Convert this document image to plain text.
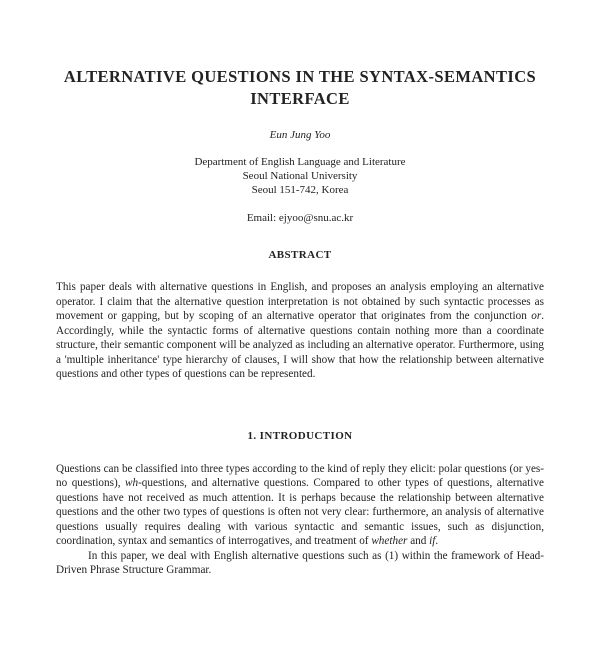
ALTERNATIVE QUESTIONS IN THE SYNTAX-SEMANTICS
INTERFACE
Eun Jung Yoo
Department of English Language and Literature
Seoul National University
Seoul 151-742, Korea
Email: ejyoo@snu.ac.kr
ABSTRACT

This paper deals with alternative questions in English, and proposes an analysis employing an alternative operator. I claim that the alternative question interpretation is not obtained by such syntactic processes as movement or gapping, but by scoping of an alternative operator that originates from the conjunction or. Accordingly, while the syntactic forms of alternative questions contain nothing more than a coordinate structure, their semantic component will be analyzed as including an alternative operator. Furthermore, using a 'multiple inheritance' type hierarchy of clauses, I will show that how the relationship between alternative questions and other types of questions can be represented.

1. INTRODUCTION

Questions can be classified into three types according to the kind of reply they elicit: polar questions (or yes-no questions), wh-questions, and alternative questions. Compared to other types of questions, alternative questions have not received as much attention. It is perhaps because the relationship between alternative questions and the other two types of questions is often not very clear: furthermore, an analysis of alternative questions usually requires dealing with various syntactic and semantic issues, such as disjunction, coordination, syntax and semantics of interrogatives, and treatment of whether and if.

In this paper, we deal with English alternative questions such as (1) within the framework of Head-Driven Phrase Structure Grammar.
